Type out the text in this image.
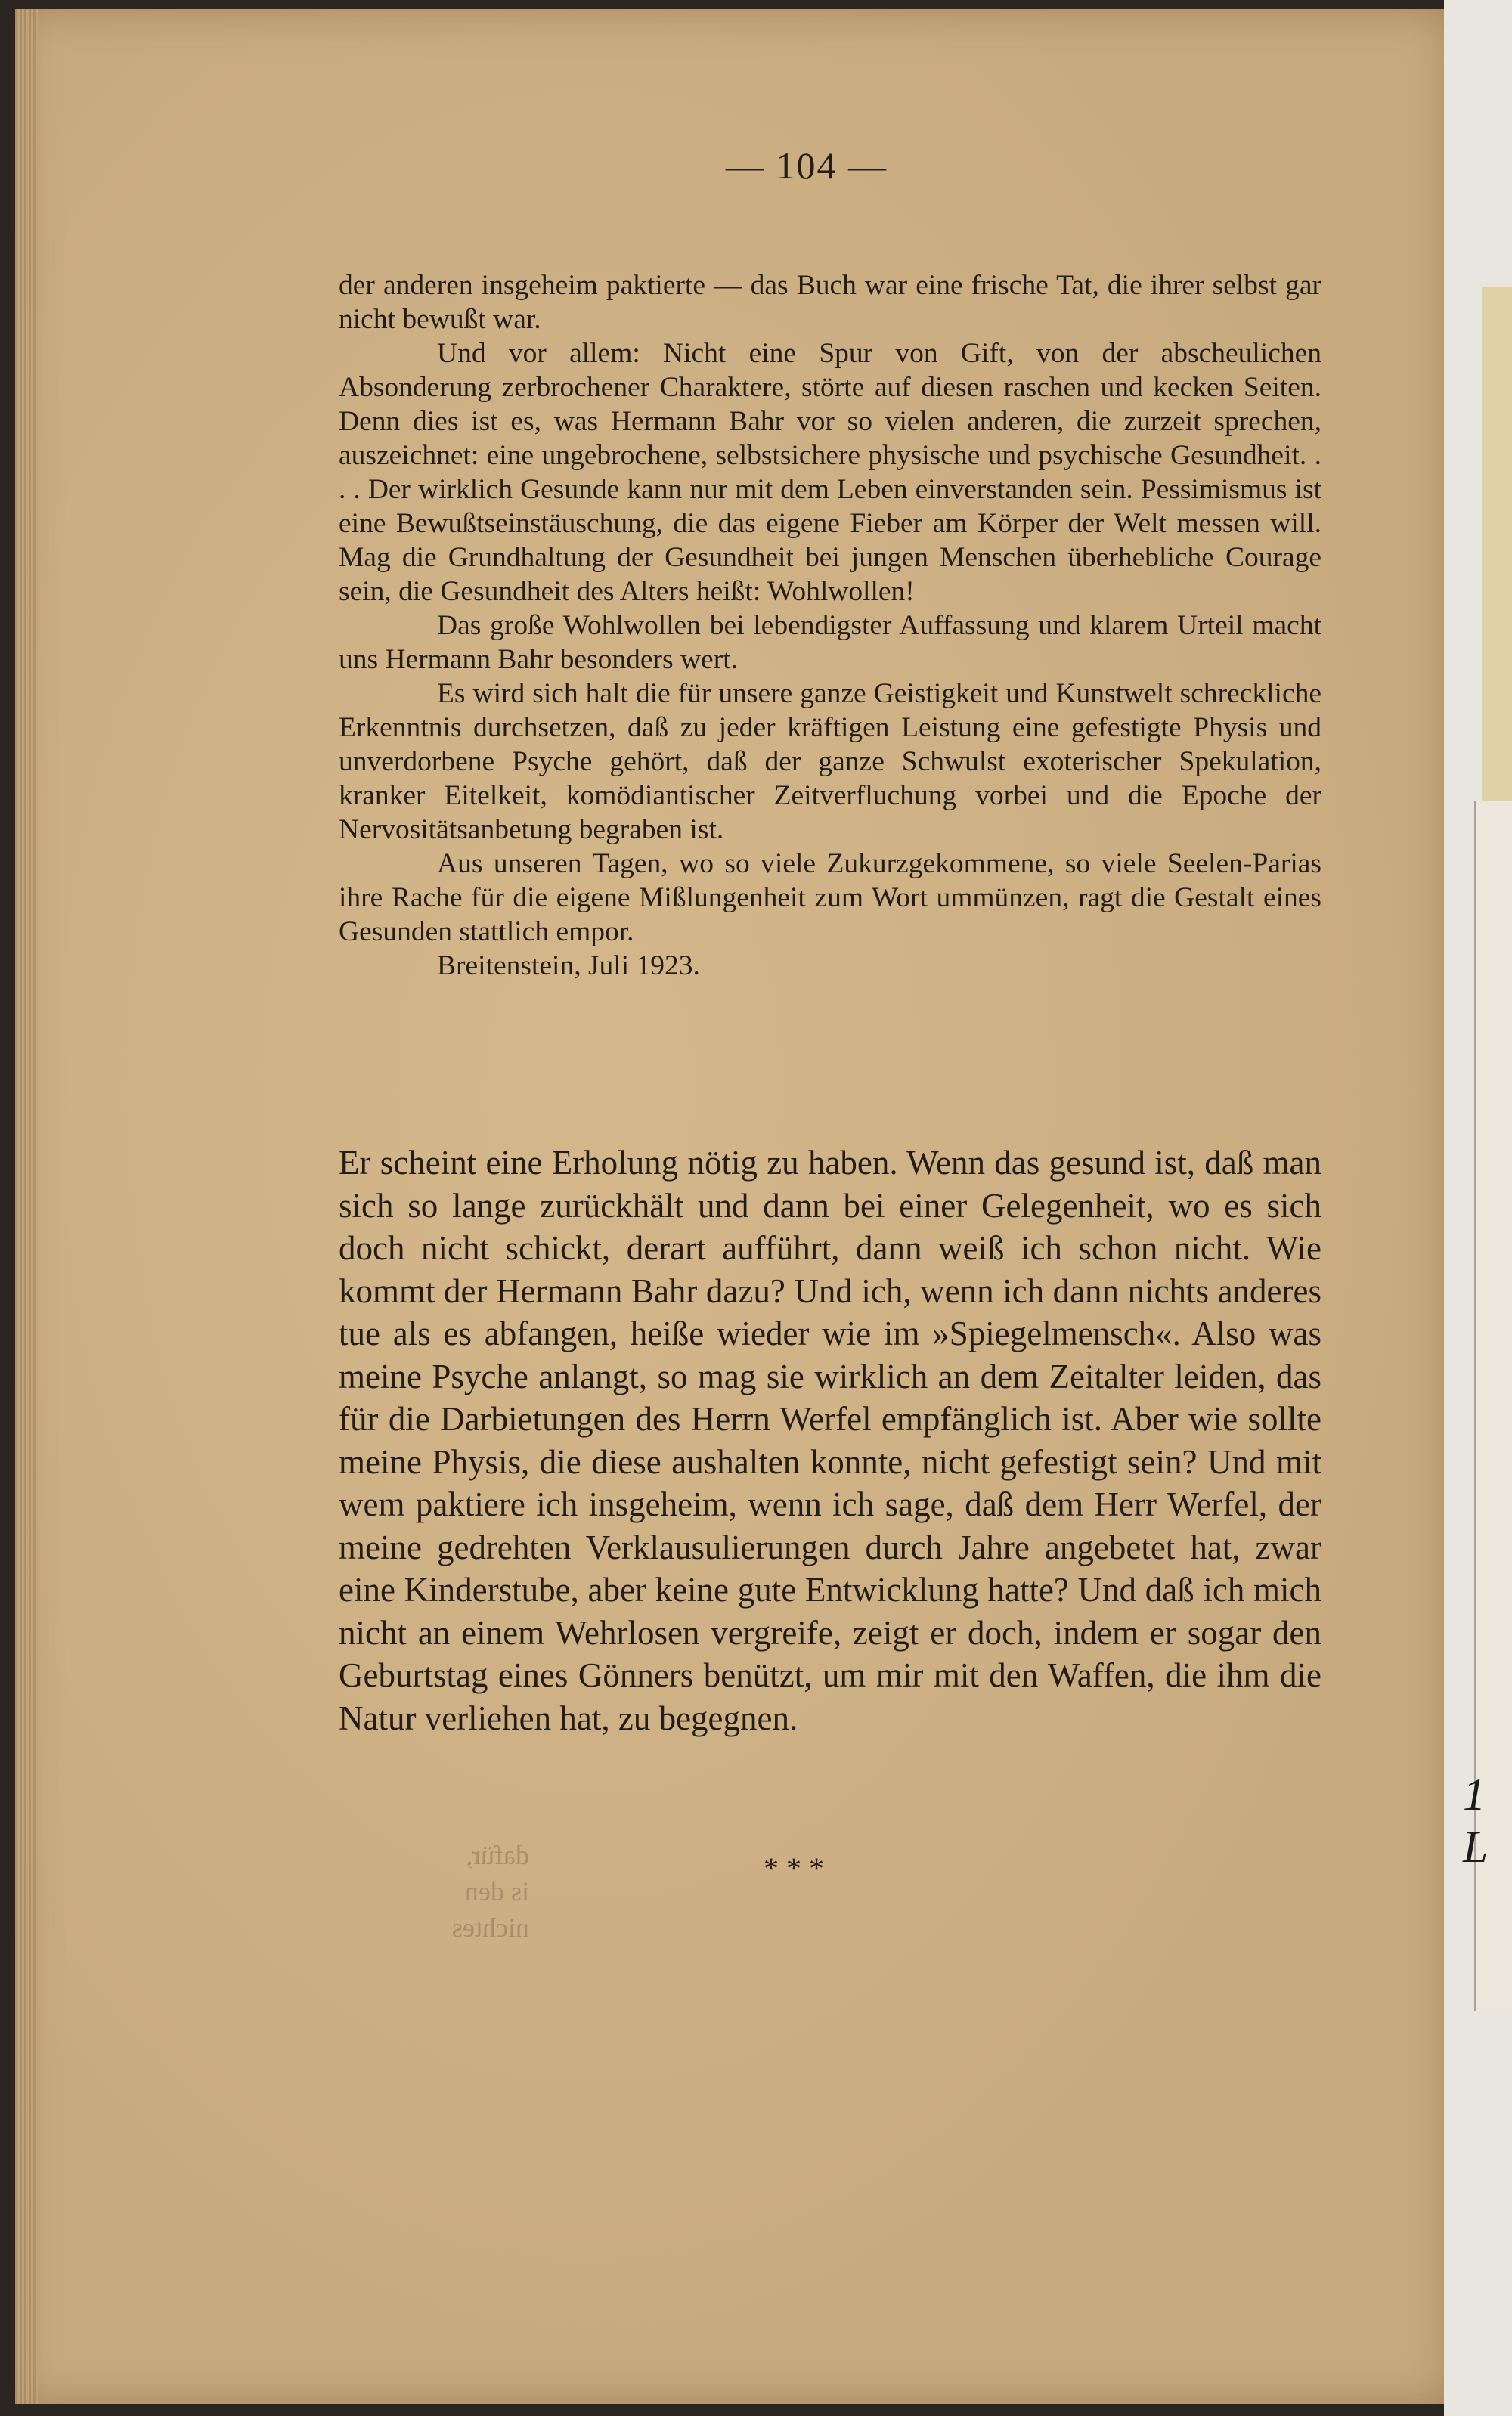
1 L
— 104 —

der anderen insgeheim paktierte — das Buch war eine frische Tat, die ihrer selbst gar nicht bewußt war.

Und vor allem: Nicht eine Spur von Gift, von der abscheulichen Absonderung zerbrochener Charaktere, störte auf diesen raschen und kecken Seiten. Denn dies ist es, was Hermann Bahr vor so vielen anderen, die zurzeit sprechen, auszeichnet: eine ungebrochene, selbstsichere physische und psychische Gesundheit. . . . Der wirklich Gesunde kann nur mit dem Leben einverstanden sein. Pessimismus ist eine Bewußtseinstäuschung, die das eigene Fieber am Körper der Welt messen will. Mag die Grundhaltung der Gesundheit bei jungen Menschen überhebliche Courage sein, die Gesundheit des Alters heißt: Wohlwollen!

Das große Wohlwollen bei lebendigster Auffassung und klarem Urteil macht uns Hermann Bahr besonders wert.

Es wird sich halt die für unsere ganze Geistigkeit und Kunstwelt schreckliche Erkenntnis durchsetzen, daß zu jeder kräftigen Leistung eine gefestigte Physis und unverdorbene Psyche gehört, daß der ganze Schwulst exoterischer Spekulation, kranker Eitelkeit, komödiantischer Zeitverfluchung vorbei und die Epoche der Nervositätsanbetung begraben ist.

Aus unseren Tagen, wo so viele Zukurzgekommene, so viele Seelen-Parias ihre Rache für die eigene Mißlungenheit zum Wort ummünzen, ragt die Gestalt eines Gesunden stattlich empor.

Breitenstein, Juli 1923.

Er scheint eine Erholung nötig zu haben. Wenn das gesund ist, daß man sich so lange zurückhält und dann bei einer Gelegenheit, wo es sich doch nicht schickt, derart aufführt, dann weiß ich schon nicht. Wie kommt der Hermann Bahr dazu? Und ich, wenn ich dann nichts anderes tue als es abfangen, heiße wieder wie im »Spiegelmensch«. Also was meine Psyche anlangt, so mag sie wirklich an dem Zeitalter leiden, das für die Darbietungen des Herrn Werfel empfänglich ist. Aber wie sollte meine Physis, die diese aushalten konnte, nicht gefestigt sein? Und mit wem paktiere ich insgeheim, wenn ich sage, daß dem Herr Werfel, der meine gedrehten Verklausulierungen durch Jahre angebetet hat, zwar eine Kinderstube, aber keine gute Entwicklung hatte? Und daß ich mich nicht an einem Wehrlosen vergreife, zeigt er doch, indem er sogar den Geburtstag eines Gönners benützt, um mir mit den Waffen, die ihm die Natur verliehen hat, zu begegnen.

* * *
dafür,
is den
nichtes
